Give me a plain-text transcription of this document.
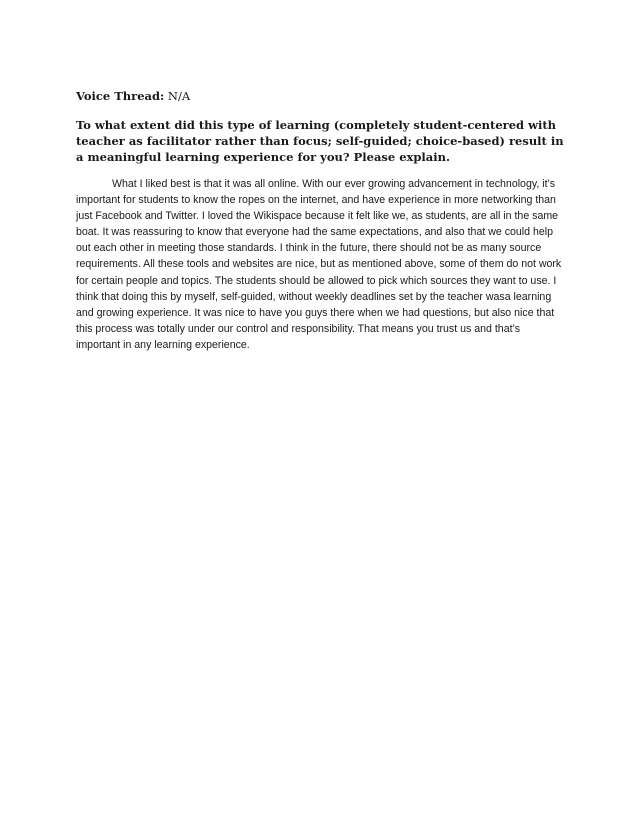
Voice Thread: N/A

To what extent did this type of learning (completely student-centered with teacher as facilitator rather than focus; self-guided; choice-based) result in a meaningful learning experience for you? Please explain.

What I liked best is that it was all online. With our ever growing advancement in technology, it’s important for students to know the ropes on the internet, and have experience in more networking than just Facebook and Twitter. I loved the Wikispace because it felt like we, as students, are all in the same boat. It was reassuring to know that everyone had the same expectations, and also that we could help out each other in meeting those standards. I think in the future, there should not be as many source requirements. All these tools and websites are nice, but as mentioned above, some of them do not work for certain people and topics. The students should be allowed to pick which sources they want to use. I think that doing this by myself, self-guided, without weekly deadlines set by the teacher wasa learning and growing experience. It was nice to have you guys there when we had questions, but also nice that this process was totally under our control and responsibility. That means you trust us and that’s important in any learning experience.
